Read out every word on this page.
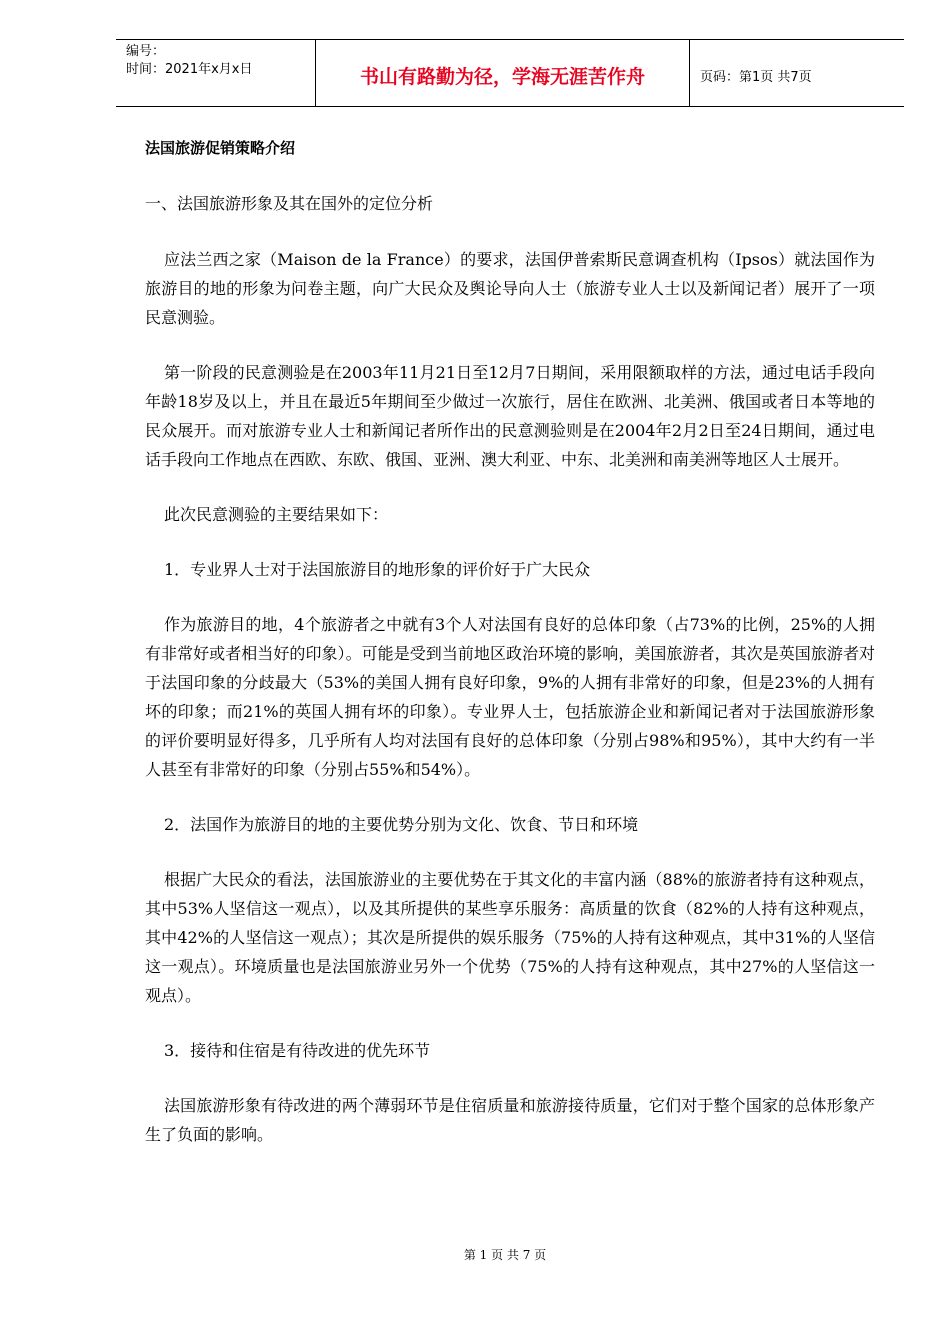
编号：
时间：2021年x月x日	书山有路勤为径，学海无涯苦作舟	页码：第1页 共7页
法国旅游促销策略介绍
一、法国旅游形象及其在国外的定位分析

应法兰西之家（Maison de la France）的要求，法国伊普索斯民意调查机构（Ipsos）就法国作为旅游目的地的形象为问卷主题，向广大民众及舆论导向人士（旅游专业人士以及新闻记者）展开了一项民意测验。

第一阶段的民意测验是在2003年11月21日至12月7日期间，采用限额取样的方法，通过电话手段向年龄18岁及以上，并且在最近5年期间至少做过一次旅行，居住在欧洲、北美洲、俄国或者日本等地的民众展开。而对旅游专业人士和新闻记者所作出的民意测验则是在2004年2月2日至24日期间，通过电话手段向工作地点在西欧、东欧、俄国、亚洲、澳大利亚、中东、北美洲和南美洲等地区人士展开。

此次民意测验的主要结果如下：

1．专业界人士对于法国旅游目的地形象的评价好于广大民众

作为旅游目的地，4个旅游者之中就有3个人对法国有良好的总体印象（占73%的比例，25%的人拥有非常好或者相当好的印象）。可能是受到当前地区政治环境的影响，美国旅游者，其次是英国旅游者对于法国印象的分歧最大（53%的美国人拥有良好印象，9%的人拥有非常好的印象，但是23%的人拥有坏的印象；而21%的英国人拥有坏的印象）。专业界人士，包括旅游企业和新闻记者对于法国旅游形象的评价要明显好得多，几乎所有人均对法国有良好的总体印象（分别占98%和95%），其中大约有一半人甚至有非常好的印象（分别占55%和54%）。

2．法国作为旅游目的地的主要优势分别为文化、饮食、节日和环境

根据广大民众的看法，法国旅游业的主要优势在于其文化的丰富内涵（88%的旅游者持有这种观点，其中53%人坚信这一观点），以及其所提供的某些享乐服务：高质量的饮食（82%的人持有这种观点，其中42%的人坚信这一观点）；其次是所提供的娱乐服务（75%的人持有这种观点，其中31%的人坚信这一观点）。环境质量也是法国旅游业另外一个优势（75%的人持有这种观点，其中27%的人坚信这一观点）。

3．接待和住宿是有待改进的优先环节

法国旅游形象有待改进的两个薄弱环节是住宿质量和旅游接待质量，它们对于整个国家的总体形象产生了负面的影响。

第 1 页 共 7 页
